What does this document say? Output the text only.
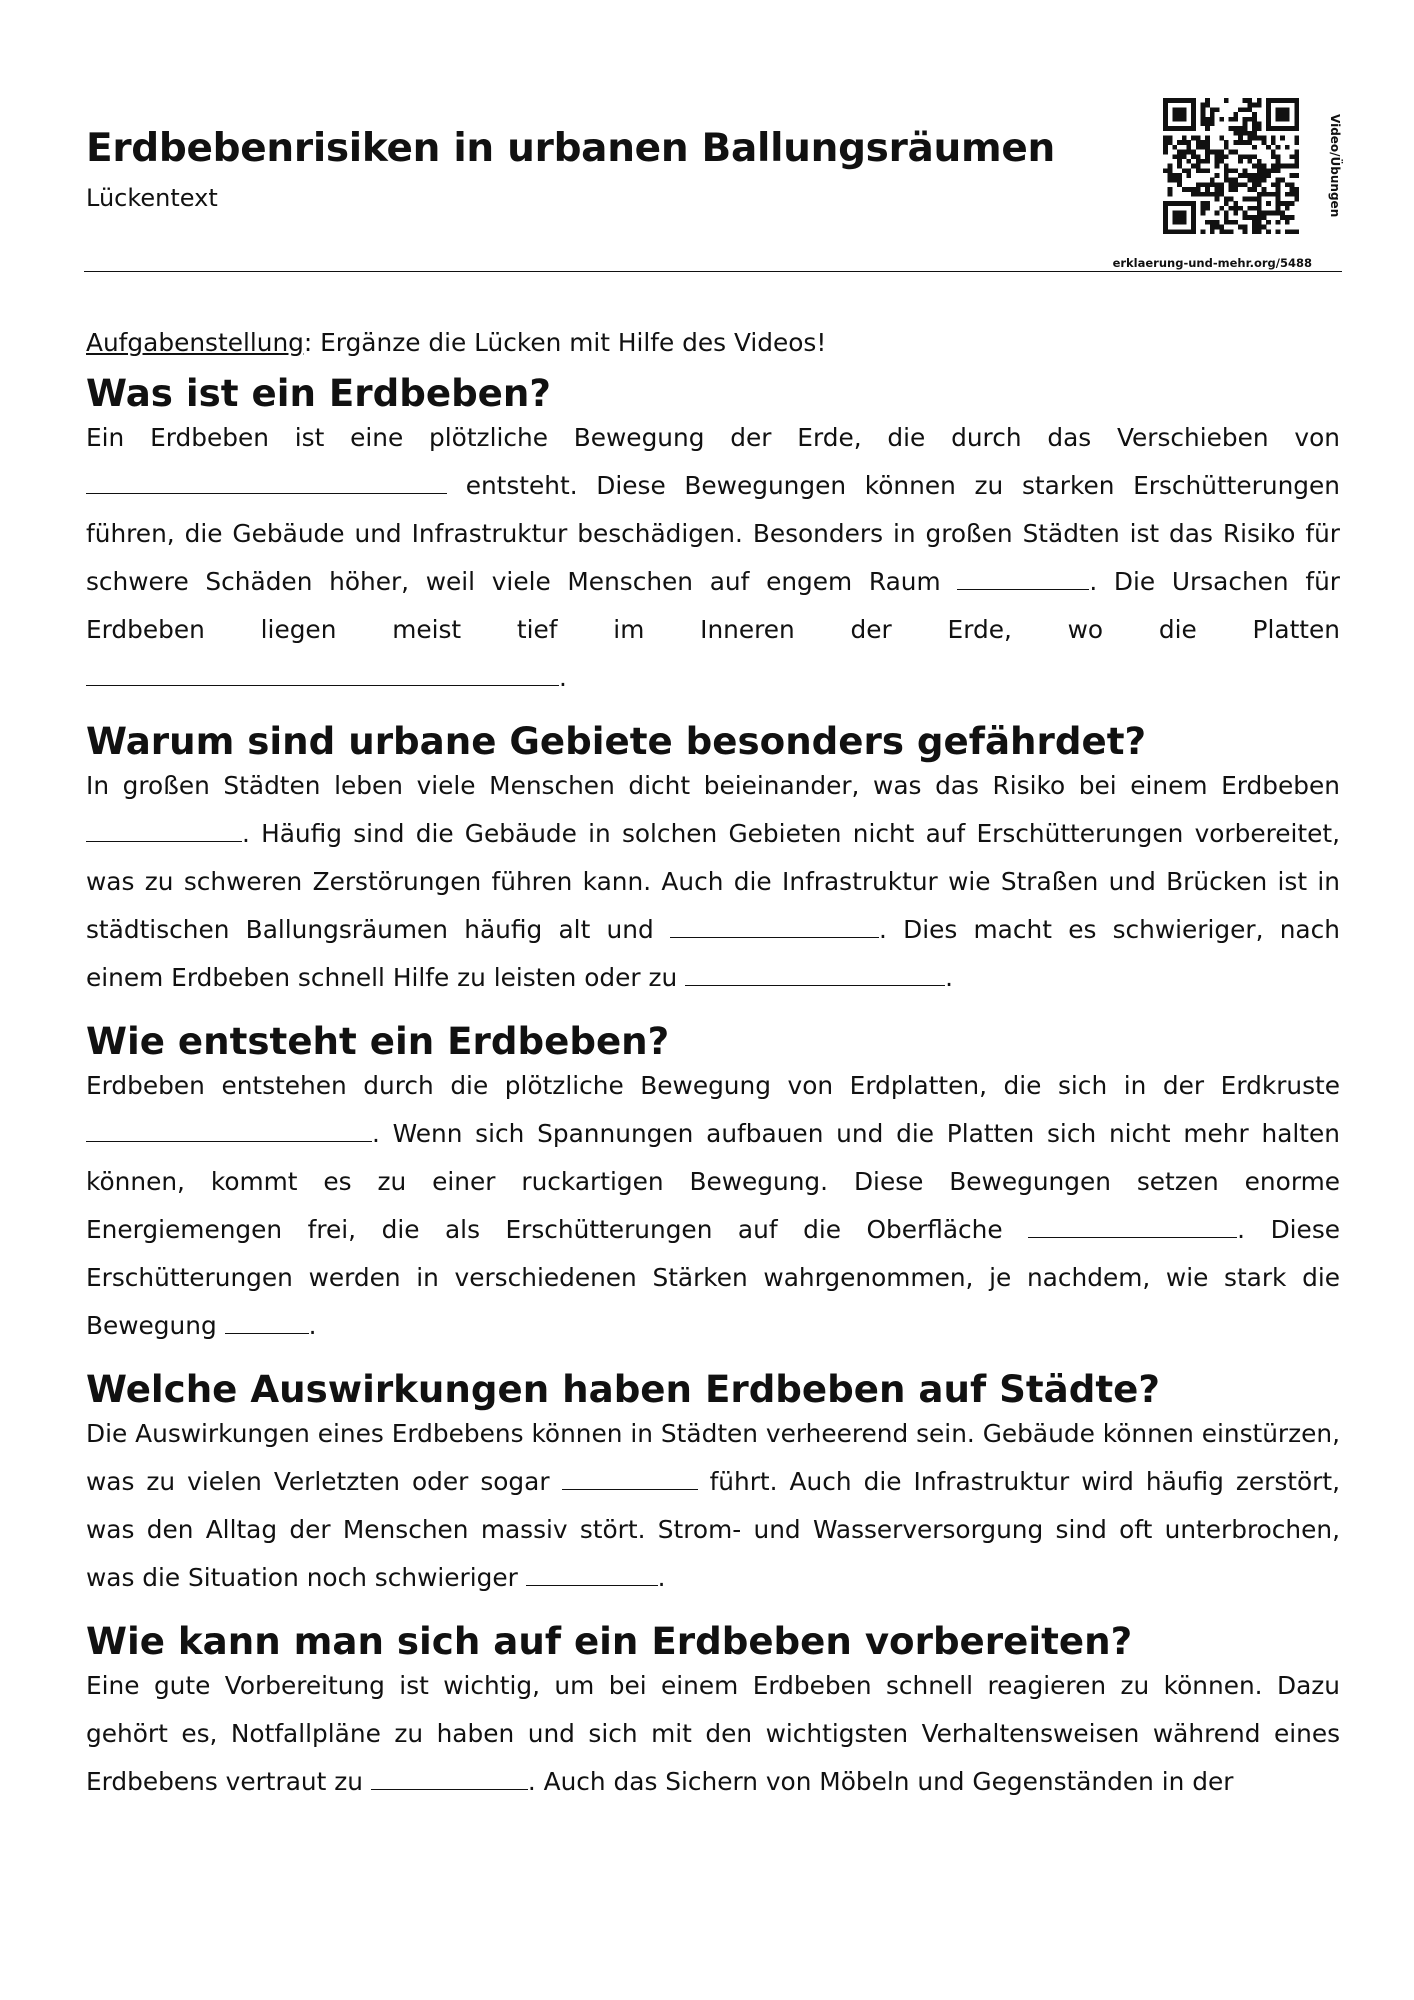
Erdbebenrisiken in urbanen Ballungsräumen
Lückentext	Video/Übungen
erklaerung-und-mehr.org/5488

Aufgabenstellung: Ergänze die Lücken mit Hilfe des Videos!

Was ist ein Erdbeben?

Ein Erdbeben ist eine plötzliche Bewegung der Erde, die durch das Verschieben von  entsteht. Diese Bewegungen können zu starken Erschütterungen führen, die Gebäude und Infrastruktur beschädigen. Besonders in großen Städten ist das Risiko für schwere Schäden höher, weil viele Menschen auf engem Raum	. Die Ursachen für Erdbeben liegen meist tief im Inneren der Erde, wo die Platten .

Warum sind urbane Gebiete besonders gefährdet?

In großen Städten leben viele Menschen dicht beieinander, was das Risiko bei einem Erdbeben . Häufig sind die Gebäude in solchen Gebieten nicht auf Erschütterungen vorbereitet, was zu schweren Zerstörungen führen kann. Auch die Infrastruktur wie Straßen und Brücken ist in städtischen Ballungsräumen häufig alt und	. Dies macht es schwieriger, nach einem Erdbeben schnell Hilfe zu leisten oder zu	.

Wie entsteht ein Erdbeben?

Erdbeben entstehen durch die plötzliche Bewegung von Erdplatten, die sich in der Erdkruste . Wenn sich Spannungen aufbauen und die Platten sich nicht mehr halten können, kommt es zu einer ruckartigen Bewegung. Diese Bewegungen setzen enorme Energiemengen frei, die als Erschütterungen auf die Oberfläche	. Diese Erschütterungen werden in verschiedenen Stärken wahrgenommen, je nachdem, wie stark die Bewegung	.

Welche Auswirkungen haben Erdbeben auf Städte?

Die Auswirkungen eines Erdbebens können in Städten verheerend sein. Gebäude können einstürzen, was zu vielen Verletzten oder sogar	führt. Auch die Infrastruktur wird häufig zerstört, was den Alltag der Menschen massiv stört. Strom- und Wasserversorgung sind oft unterbrochen, was die Situation noch schwieriger	.

Wie kann man sich auf ein Erdbeben vorbereiten?

Eine gute Vorbereitung ist wichtig, um bei einem Erdbeben schnell reagieren zu können. Dazu gehört es, Notfallpläne zu haben und sich mit den wichtigsten Verhaltensweisen während eines Erdbebens vertraut zu	. Auch das Sichern von Möbeln und Gegenständen in der
